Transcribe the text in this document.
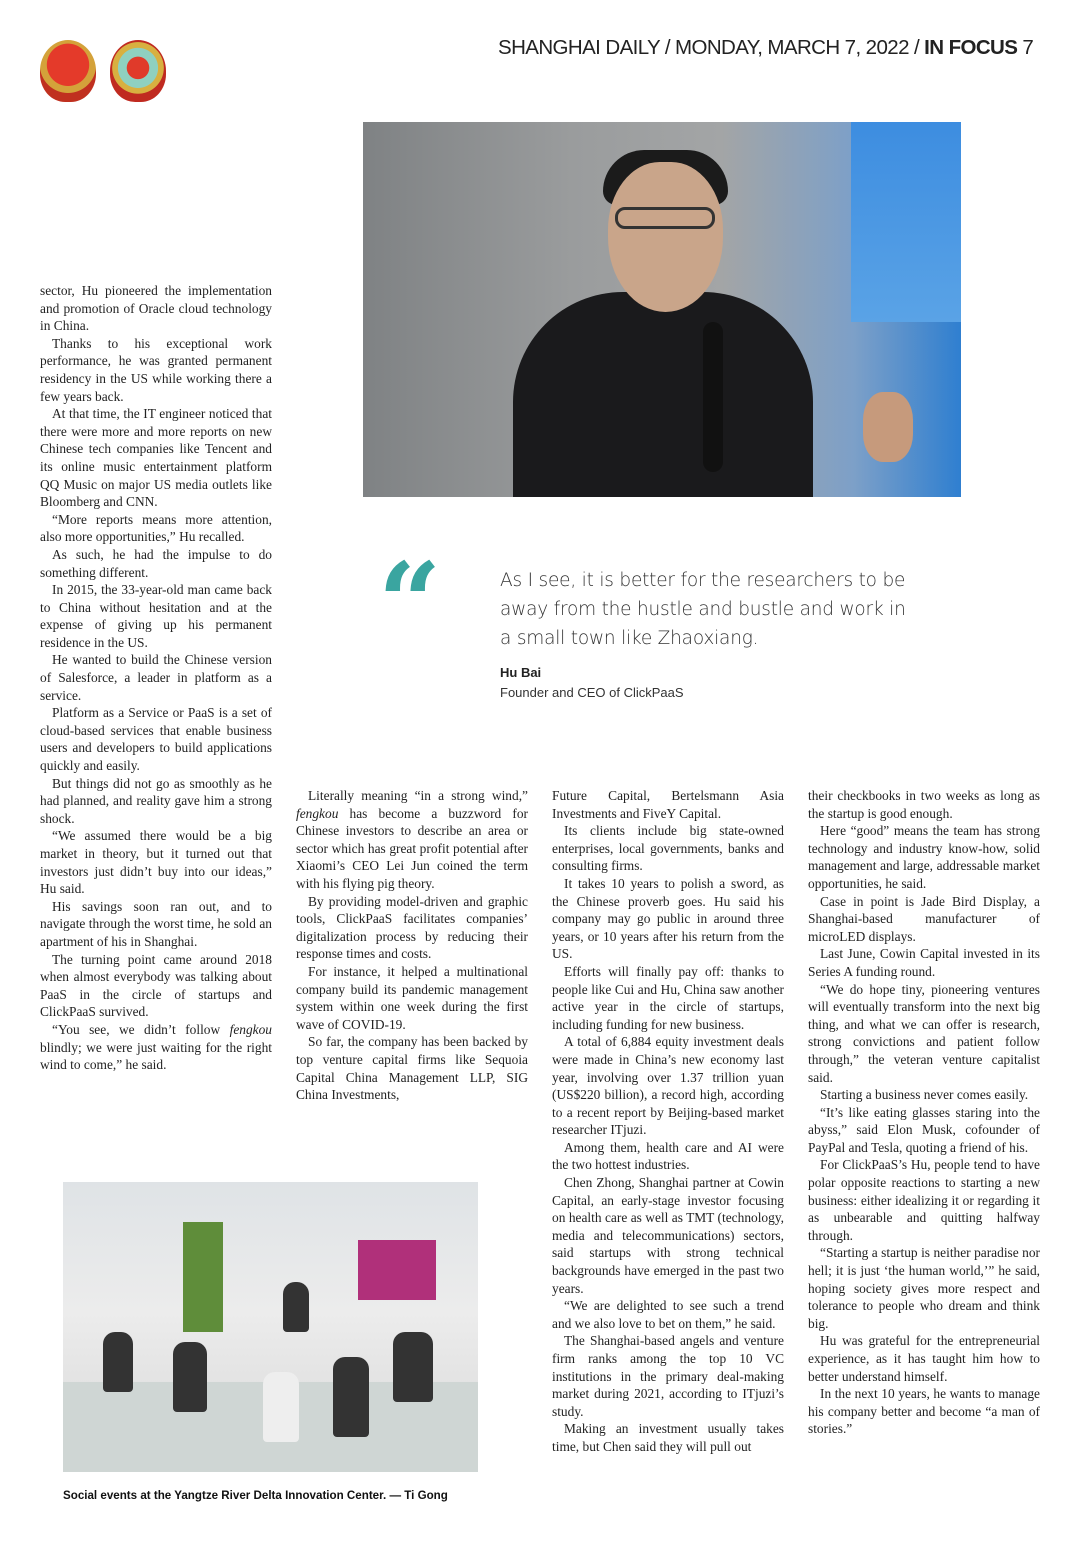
SHANGHAI DAILY / MONDAY, MARCH 7, 2022 / IN FOCUS 7
“	As I see, it is better for the researchers to be away from the hustle and bustle and work in a small town like Zhaoxiang.
Hu Bai
Founder and CEO of ClickPaaS

sector, Hu pioneered the implementation and promotion of Oracle cloud technology in China.

Thanks to his exceptional work performance, he was granted permanent residency in the US while working there a few years back.

At that time, the IT engineer noticed that there were more and more reports on new Chinese tech companies like Tencent and its online music entertainment platform QQ Music on major US media outlets like Bloomberg and CNN.

“More reports means more attention, also more opportunities,” Hu recalled.

As such, he had the impulse to do something different.

In 2015, the 33-year-old man came back to China without hesitation and at the expense of giving up his permanent residence in the US.

He wanted to build the Chinese version of Salesforce, a leader in platform as a service.

Platform as a Service or PaaS is a set of cloud-based services that enable business users and developers to build applications quickly and easily.

But things did not go as smoothly as he had planned, and reality gave him a strong shock.

“We assumed there would be a big market in theory, but it turned out that investors just didn’t buy into our ideas,” Hu said.

His savings soon ran out, and to navigate through the worst time, he sold an apartment of his in Shanghai.

The turning point came around 2018 when almost everybody was talking about PaaS in the circle of startups and ClickPaaS survived.

“You see, we didn’t follow fengkou blindly; we were just waiting for the right wind to come,” he said.

Literally meaning “in a strong wind,” fengkou has become a buzzword for Chinese investors to describe an area or sector which has great profit potential after Xiaomi’s CEO Lei Jun coined the term with his flying pig theory.

By providing model-driven and graphic tools, ClickPaaS facilitates companies’ digitalization process by reducing their response times and costs.

For instance, it helped a multinational company build its pandemic management system within one week during the first wave of COVID-19.

So far, the company has been backed by top venture capital firms like Sequoia Capital China Management LLP, SIG China Investments,

Future Capital, Bertelsmann Asia Investments and FiveY Capital.

Its clients include big state-owned enterprises, local governments, banks and consulting firms.

It takes 10 years to polish a sword, as the Chinese proverb goes. Hu said his company may go public in around three years, or 10 years after his return from the US.

Efforts will finally pay off: thanks to people like Cui and Hu, China saw another active year in the circle of startups, including funding for new business.

A total of 6,884 equity investment deals were made in China’s new economy last year, involving over 1.37 trillion yuan (US$220 billion), a record high, according to a recent report by Beijing-based market researcher ITjuzi.

Among them, health care and AI were the two hottest industries.

Chen Zhong, Shanghai partner at Cowin Capital, an early-stage investor focusing on health care as well as TMT (technology, media and telecommunications) sectors, said startups with strong technical backgrounds have emerged in the past two years.

“We are delighted to see such a trend and we also love to bet on them,” he said.

The Shanghai-based angels and venture firm ranks among the top 10 VC institutions in the primary deal-making market during 2021, according to ITjuzi’s study.

Making an investment usually takes time, but Chen said they will pull out

their checkbooks in two weeks as long as the startup is good enough.

Here “good” means the team has strong technology and industry know-how, solid management and large, addressable market opportunities, he said.

Case in point is Jade Bird Display, a Shanghai-based manufacturer of microLED displays.

Last June, Cowin Capital invested in its Series A funding round.

“We do hope tiny, pioneering ventures will eventually transform into the next big thing, and what we can offer is research, strong convictions and patient follow through,” the veteran venture capitalist said.

Starting a business never comes easily.

“It’s like eating glasses staring into the abyss,” said Elon Musk, cofounder of PayPal and Tesla, quoting a friend of his.

For ClickPaaS’s Hu, people tend to have polar opposite reactions to starting a new business: either idealizing it or regarding it as unbearable and quitting halfway through.

“Starting a startup is neither paradise nor hell; it is just ‘the human world,’” he said, hoping society gives more respect and tolerance to people who dream and think big.

Hu was grateful for the entrepreneurial experience, as it has taught him how to better understand himself.

In the next 10 years, he wants to manage his company better and become “a man of stories.”

Social events at the Yangtze River Delta Innovation Center. — Ti Gong
